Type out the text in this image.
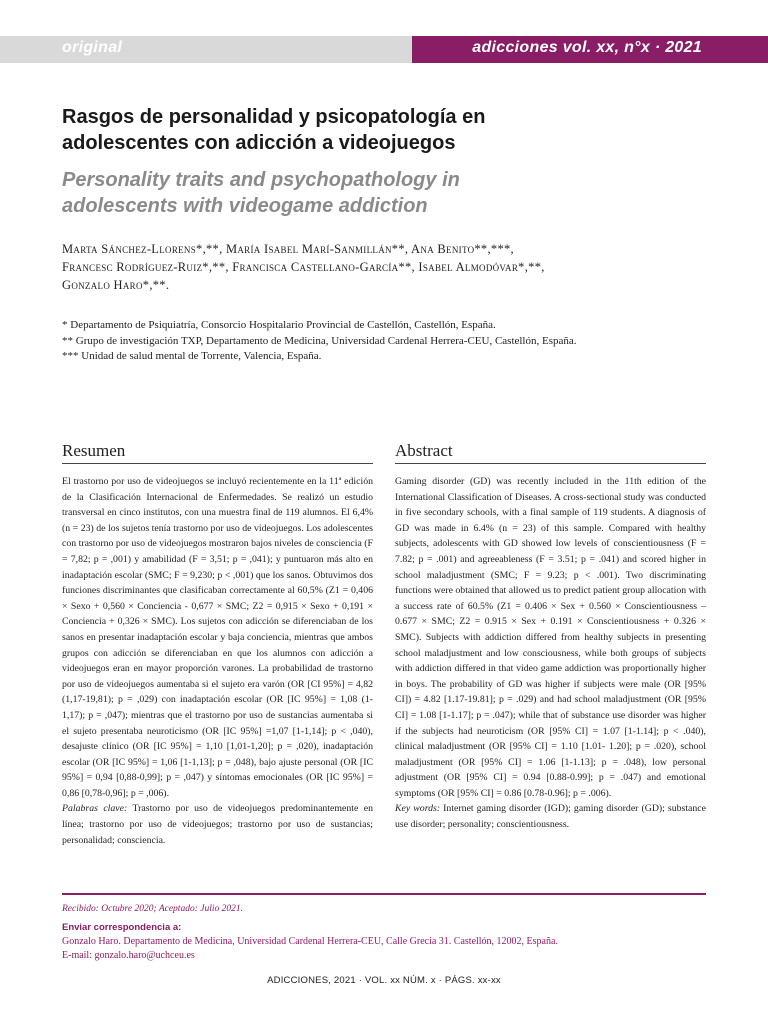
original	adicciones vol. xx, n°x · 2021
Rasgos de personalidad y psicopatología en adolescentes con adicción a videojuegos
Personality traits and psychopathology in adolescents with videogame addiction
Marta Sánchez-Llorens*,**, María Isabel Marí-Sanmillán**, Ana Benito**,***,
Francesc Rodríguez-Ruiz*,**, Francisca Castellano-García**, Isabel Almodóvar*,**,
Gonzalo Haro*,**.
* Departamento de Psiquiatría, Consorcio Hospitalario Provincial de Castellón, Castellón, España.
** Grupo de investigación TXP, Departamento de Medicina, Universidad Cardenal Herrera-CEU, Castellón, España.
*** Unidad de salud mental de Torrente, Valencia, España.
Resumen	Abstract

El trastorno por uso de videojuegos se incluyó recientemente en la 11ª edición de la Clasificación Internacional de Enfermedades. Se realizó un estudio transversal en cinco institutos, con una muestra final de 119 alumnos. El 6,4% (n = 23) de los sujetos tenía trastorno por uso de videojuegos. Los adolescentes con trastorno por uso de videojuegos mostraron bajos niveles de consciencia (F = 7,82; p = ,001) y amabilidad (F = 3,51; p = ,041); y puntuaron más alto en inadaptación escolar (SMC; F = 9,230; p < ,001) que los sanos. Obtuvimos dos funciones discriminantes que clasificaban correctamente al 60,5% (Z1 = 0,406 × Sexo + 0,560 × Conciencia - 0,677 × SMC; Z2 = 0,915 × Sexo + 0,191 × Conciencia + 0,326 × SMC). Los sujetos con adicción se diferenciaban de los sanos en presentar inadaptación escolar y baja conciencia, mientras que ambos grupos con adicción se diferenciaban en que los alumnos con adicción a videojuegos eran en mayor proporción varones. La probabilidad de trastorno por uso de videojuegos aumentaba si el sujeto era varón (OR [CI 95%] = 4,82 (1,17-19,81); p = ,029) con inadaptación escolar (OR [IC 95%] = 1,08 (1-1,17); p = ,047); mientras que el trastorno por uso de sustancias aumentaba si el sujeto presentaba neuroticismo (OR [IC 95%] =1,07 [1-1,14]; p < ,040), desajuste clínico (OR [IC 95%] = 1,10 [1,01-1,20]; p = ,020), inadaptación escolar (OR [IC 95%] = 1,06 [1-1,13]; p = ,048), bajo ajuste personal (OR [IC 95%] = 0,94 [0,88-0,99]; p = ,047) y síntomas emocionales (OR [IC 95%] = 0,86 [0,78-0,96]; p = ,006).

Palabras clave: Trastorno por uso de videojuegos predominantemente en línea; trastorno por uso de videojuegos; trastorno por uso de sustancias; personalidad; consciencia.

Gaming disorder (GD) was recently included in the 11th edition of the International Classification of Diseases. A cross-sectional study was conducted in five secondary schools, with a final sample of 119 students. A diagnosis of GD was made in 6.4% (n = 23) of this sample. Compared with healthy subjects, adolescents with GD showed low levels of conscientiousness (F = 7.82; p = .001) and agreeableness (F = 3.51; p = .041) and scored higher in school maladjustment (SMC; F = 9.23; p < .001). Two discriminating functions were obtained that allowed us to predict patient group allocation with a success rate of 60.5% (Z1 = 0.406 × Sex + 0.560 × Conscientiousness – 0.677 × SMC; Z2 = 0.915 × Sex + 0.191 × Conscientiousness + 0.326 × SMC). Subjects with addiction differed from healthy subjects in presenting school maladjustment and low consciousness, while both groups of subjects with addiction differed in that video game addiction was proportionally higher in boys. The probability of GD was higher if subjects were male (OR [95% CI]) = 4.82 [1.17-19.81]; p = .029) and had school maladjustment (OR [95% CI] = 1.08 [1-1.17]; p = .047); while that of substance use disorder was higher if the subjects had neuroticism (OR [95% CI] = 1.07 [1-1.14]; p < .040), clinical maladjustment (OR [95% CI] = 1.10 [1.01- 1.20]; p = .020), school maladjustment (OR [95% CI] = 1.06 [1-1.13]; p = .048), low personal adjustment (OR [95% CI] = 0.94 [0.88-0.99]; p = .047) and emotional symptoms (OR [95% CI] = 0.86 [0.78-0.96]; p = .006).

Key words: Internet gaming disorder (IGD); gaming disorder (GD); substance use disorder; personality; conscientiousness.

Recibido: Octubre 2020; Aceptado: Julio 2021.
Enviar correspondencia a:
Gonzalo Haro. Departamento de Medicina, Universidad Cardenal Herrera-CEU, Calle Grecia 31. Castellón, 12002, España.
E-mail: gonzalo.haro@uchceu.es
ADICCIONES, 2021 · VOL. xx NÚM. x · PÁGS. xx-xx
